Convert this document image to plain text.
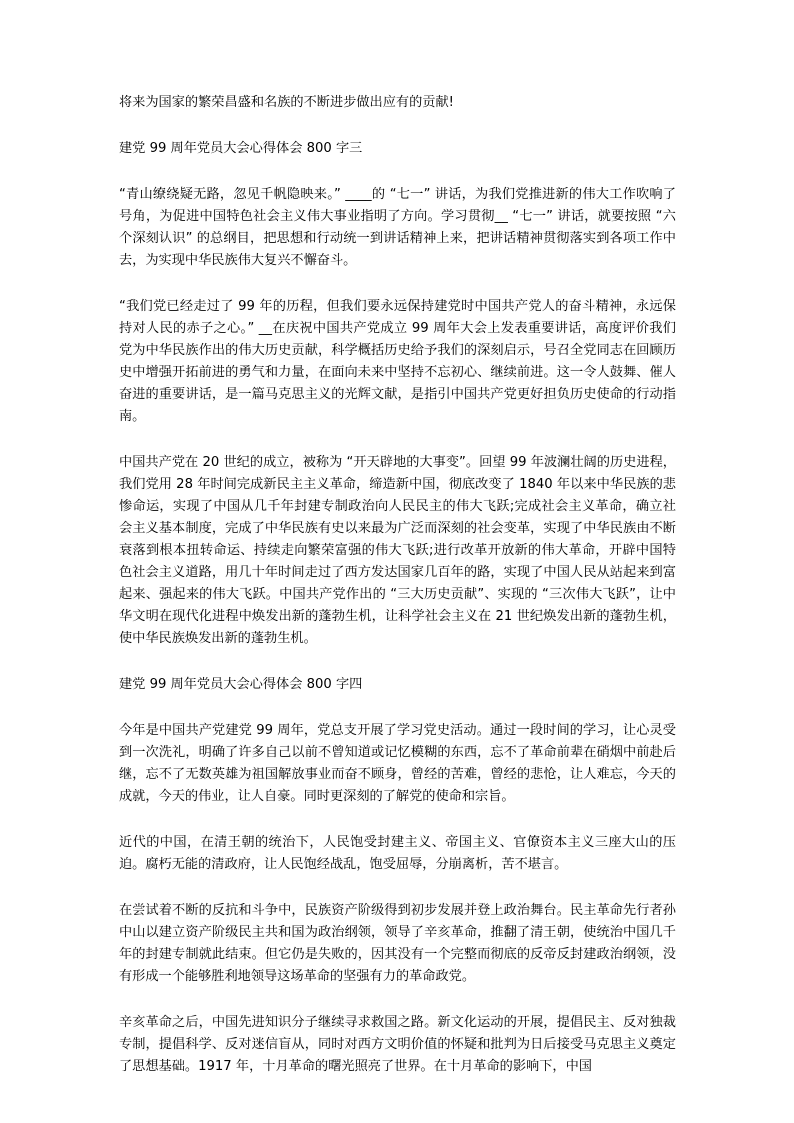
将来为国家的繁荣昌盛和名族的不断进步做出应有的贡献!

建党 99 周年党员大会心得体会 800 字三

“青山缭绕疑无路，忽见千帆隐映来。” ____的 “七一” 讲话，为我们党推进新的伟大工作吹响了号角，为促进中国特色社会主义伟大事业指明了方向。学习贯彻__ “七一” 讲话，就要按照 “六个深刻认识” 的总纲目，把思想和行动统一到讲话精神上来，把讲话精神贯彻落实到各项工作中去，为实现中华民族伟大复兴不懈奋斗。

“我们党已经走过了 99 年的历程，但我们要永远保持建党时中国共产党人的奋斗精神，永远保持对人民的赤子之心。” __在庆祝中国共产党成立 99 周年大会上发表重要讲话，高度评价我们党为中华民族作出的伟大历史贡献，科学概括历史给予我们的深刻启示，号召全党同志在回顾历史中增强开拓前进的勇气和力量，在面向未来中坚持不忘初心、继续前进。这一令人鼓舞、催人奋进的重要讲话，是一篇马克思主义的光辉文献，是指引中国共产党更好担负历史使命的行动指南。

中国共产党在 20 世纪的成立，被称为 “开天辟地的大事变”。回望 99 年波澜壮阔的历史进程，我们党用 28 年时间完成新民主主义革命，缔造新中国，彻底改变了 1840 年以来中华民族的悲惨命运，实现了中国从几千年封建专制政治向人民民主的伟大飞跃;完成社会主义革命，确立社会主义基本制度，完成了中华民族有史以来最为广泛而深刻的社会变革，实现了中华民族由不断衰落到根本扭转命运、持续走向繁荣富强的伟大飞跃;进行改革开放新的伟大革命，开辟中国特色社会主义道路，用几十年时间走过了西方发达国家几百年的路，实现了中国人民从站起来到富起来、强起来的伟大飞跃。中国共产党作出的 “三大历史贡献”、实现的 “三次伟大飞跃”，让中华文明在现代化进程中焕发出新的蓬勃生机，让科学社会主义在 21 世纪焕发出新的蓬勃生机，使中华民族焕发出新的蓬勃生机。

建党 99 周年党员大会心得体会 800 字四

今年是中国共产党建党 99 周年，党总支开展了学习党史活动。通过一段时间的学习，让心灵受到一次洗礼，明确了许多自己以前不曾知道或记忆模糊的东西，忘不了革命前辈在硝烟中前赴后继，忘不了无数英雄为祖国解放事业而奋不顾身，曾经的苦难，曾经的悲怆，让人难忘，今天的成就，今天的伟业，让人自豪。同时更深刻的了解党的使命和宗旨。

近代的中国，在清王朝的统治下，人民饱受封建主义、帝国主义、官僚资本主义三座大山的压迫。腐朽无能的清政府，让人民饱经战乱，饱受屈辱，分崩离析，苦不堪言。

在尝试着不断的反抗和斗争中，民族资产阶级得到初步发展并登上政治舞台。民主革命先行者孙中山以建立资产阶级民主共和国为政治纲领，领导了辛亥革命，推翻了清王朝，使统治中国几千年的封建专制就此结束。但它仍是失败的，因其没有一个完整而彻底的反帝反封建政治纲领，没有形成一个能够胜利地领导这场革命的坚强有力的革命政党。

辛亥革命之后，中国先进知识分子继续寻求救国之路。新文化运动的开展，提倡民主、反对独裁专制，提倡科学、反对迷信盲从，同时对西方文明价值的怀疑和批判为日后接受马克思主义奠定了思想基础。1917 年，十月革命的曙光照亮了世界。在十月革命的影响下，中国
